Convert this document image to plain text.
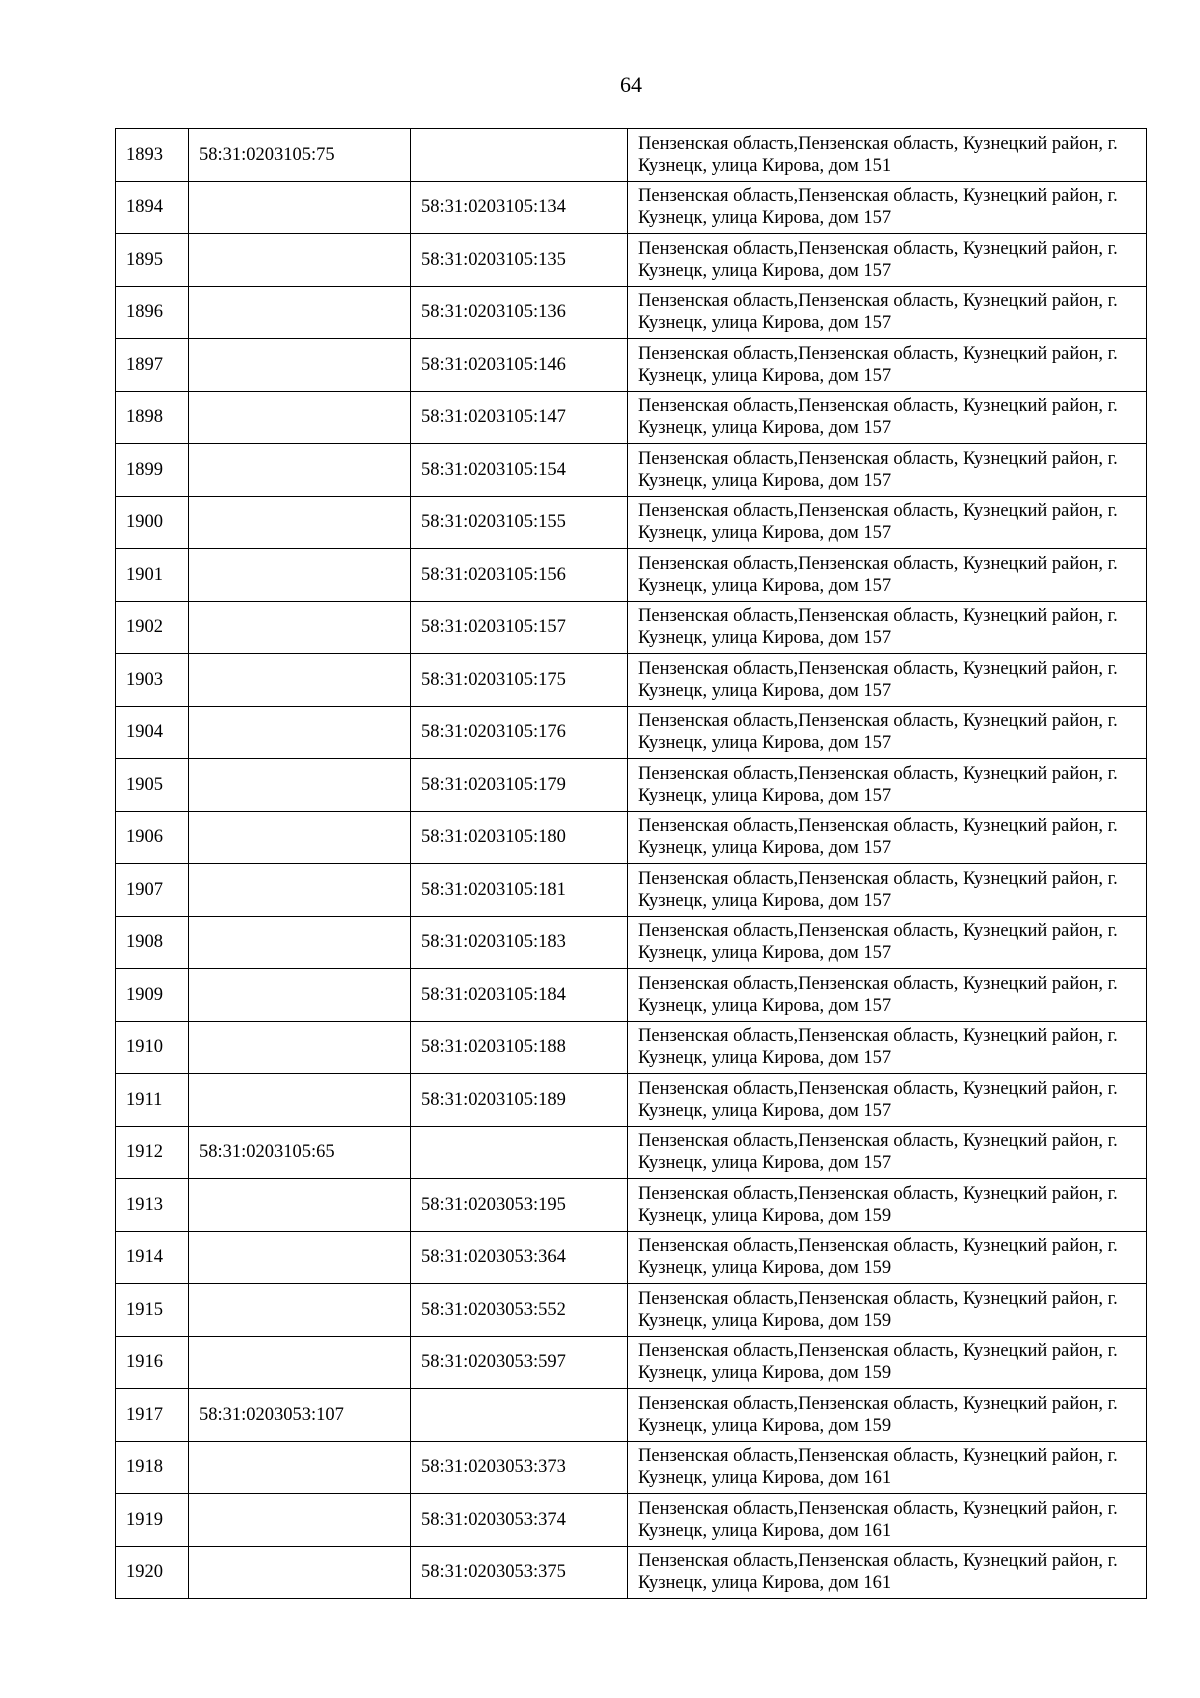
64
1893	58:31:0203105:75		Пензенская область,Пензенская область, Кузнецкий район, г. Кузнецк, улица Кирова, дом 151
1894		58:31:0203105:134	Пензенская область,Пензенская область, Кузнецкий район, г. Кузнецк, улица Кирова, дом 157
1895		58:31:0203105:135	Пензенская область,Пензенская область, Кузнецкий район, г. Кузнецк, улица Кирова, дом 157
1896		58:31:0203105:136	Пензенская область,Пензенская область, Кузнецкий район, г. Кузнецк, улица Кирова, дом 157
1897		58:31:0203105:146	Пензенская область,Пензенская область, Кузнецкий район, г. Кузнецк, улица Кирова, дом 157
1898		58:31:0203105:147	Пензенская область,Пензенская область, Кузнецкий район, г. Кузнецк, улица Кирова, дом 157
1899		58:31:0203105:154	Пензенская область,Пензенская область, Кузнецкий район, г. Кузнецк, улица Кирова, дом 157
1900		58:31:0203105:155	Пензенская область,Пензенская область, Кузнецкий район, г. Кузнецк, улица Кирова, дом 157
1901		58:31:0203105:156	Пензенская область,Пензенская область, Кузнецкий район, г. Кузнецк, улица Кирова, дом 157
1902		58:31:0203105:157	Пензенская область,Пензенская область, Кузнецкий район, г. Кузнецк, улица Кирова, дом 157
1903		58:31:0203105:175	Пензенская область,Пензенская область, Кузнецкий район, г. Кузнецк, улица Кирова, дом 157
1904		58:31:0203105:176	Пензенская область,Пензенская область, Кузнецкий район, г. Кузнецк, улица Кирова, дом 157
1905		58:31:0203105:179	Пензенская область,Пензенская область, Кузнецкий район, г. Кузнецк, улица Кирова, дом 157
1906		58:31:0203105:180	Пензенская область,Пензенская область, Кузнецкий район, г. Кузнецк, улица Кирова, дом 157
1907		58:31:0203105:181	Пензенская область,Пензенская область, Кузнецкий район, г. Кузнецк, улица Кирова, дом 157
1908		58:31:0203105:183	Пензенская область,Пензенская область, Кузнецкий район, г. Кузнецк, улица Кирова, дом 157
1909		58:31:0203105:184	Пензенская область,Пензенская область, Кузнецкий район, г. Кузнецк, улица Кирова, дом 157
1910		58:31:0203105:188	Пензенская область,Пензенская область, Кузнецкий район, г. Кузнецк, улица Кирова, дом 157
1911		58:31:0203105:189	Пензенская область,Пензенская область, Кузнецкий район, г. Кузнецк, улица Кирова, дом 157
1912	58:31:0203105:65		Пензенская область,Пензенская область, Кузнецкий район, г. Кузнецк, улица Кирова, дом 157
1913		58:31:0203053:195	Пензенская область,Пензенская область, Кузнецкий район, г. Кузнецк, улица Кирова, дом 159
1914		58:31:0203053:364	Пензенская область,Пензенская область, Кузнецкий район, г. Кузнецк, улица Кирова, дом 159
1915		58:31:0203053:552	Пензенская область,Пензенская область, Кузнецкий район, г. Кузнецк, улица Кирова, дом 159
1916		58:31:0203053:597	Пензенская область,Пензенская область, Кузнецкий район, г. Кузнецк, улица Кирова, дом 159
1917	58:31:0203053:107		Пензенская область,Пензенская область, Кузнецкий район, г. Кузнецк, улица Кирова, дом 159
1918		58:31:0203053:373	Пензенская область,Пензенская область, Кузнецкий район, г. Кузнецк, улица Кирова, дом 161
1919		58:31:0203053:374	Пензенская область,Пензенская область, Кузнецкий район, г. Кузнецк, улица Кирова, дом 161
1920		58:31:0203053:375	Пензенская область,Пензенская область, Кузнецкий район, г. Кузнецк, улица Кирова, дом 161
